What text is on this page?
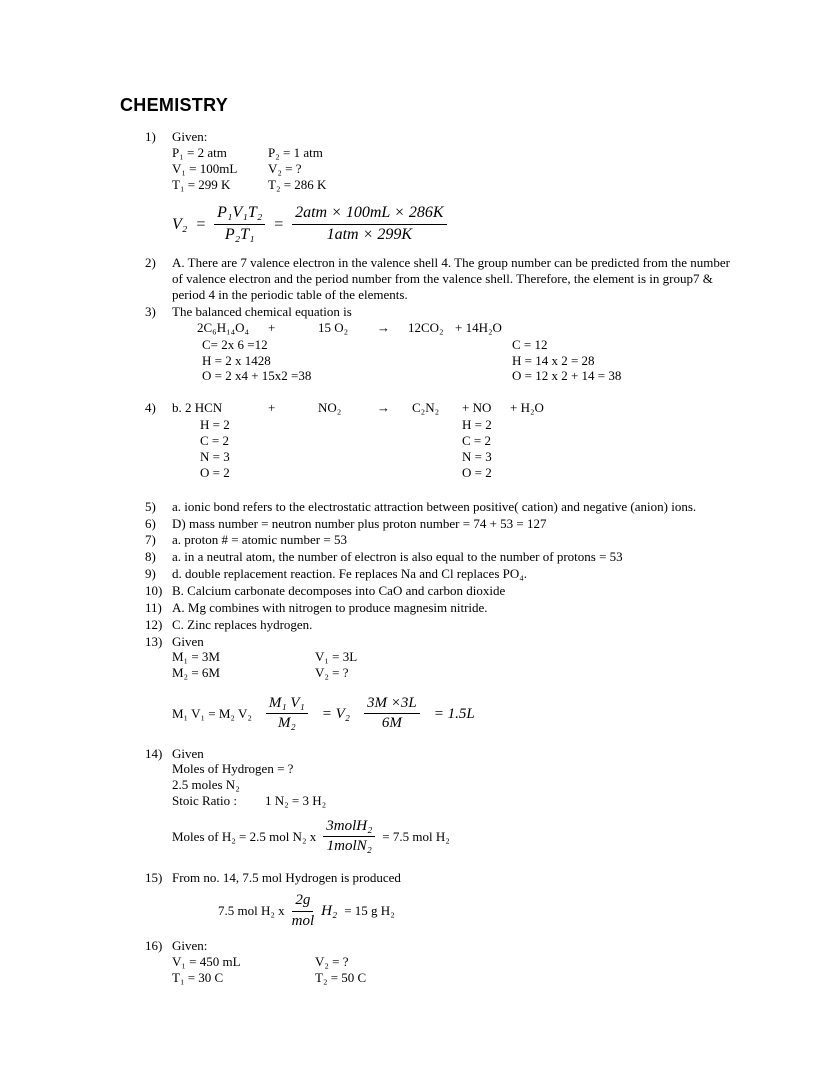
CHEMISTRY
1)	Given:
P₁ = 2 atm	P₂ = 1 atm
V₁ = 100mL	V₂ = ?
T₁ = 299 K	T₂ = 286 K
$V_2 = \frac{\text{P₁V₁T₂}}{\text{P₂T₁}} = \frac{\text{2atm × 100mL × 286K}}{\text{1atm × 299K}}$
2)	A. There are 7 valence electron in the valence shell 4. The group number can be predicted from the number of valence electron and the period number from the valence shell. Therefore, the element is in group7 & period 4 in the periodic table of the elements.
3)	The balanced chemical equation is
2C₆H₁₄O₄ +	15 O₂ → 12CO₂ + 14H₂O
C= 2x 6 =12	C = 12
H = 2 x 1428	H = 14 x 2 = 28
O = 2 x4 + 15x2 =38	O = 12 x 2 + 14 = 38
4)	b. 2 HCN	+	NO₂	→ C₂N₂ + NO + H₂O
H = 2	H = 2
C = 2	C = 2
N = 3	N = 3
O = 2	O = 2
5)	a. ionic bond refers to the electrostatic attraction between positive( cation) and negative (anion) ions.
6)	D) mass number = neutron number plus proton number = 74 + 53 = 127
7)	a. proton # = atomic number = 53
8)	a. in a neutral atom, the number of electron is also equal to the number of protons = 53
9)	d. double replacement reaction. Fe replaces Na and Cl replaces PO₄.
10) B. Calcium carbonate decomposes into CaO and carbon dioxide
11) A. Mg combines with nitrogen to produce magnesim nitride.
12) C. Zinc replaces hydrogen.
13) Given
M₁ = 3M	V₁ = 3L
M₂ = 6M	V₂ = ?
M₁ V₁ = M₂ $V_2 \frac{\text{M₁ V₁}}{\text{M₂}} = V_2 \frac{3M \times 3L}{6M} = 1.5L$
14) Given
Moles of Hydrogen = ?
2.5 moles N₂
Stoic Ratio :	1 N₂ = 3 H₂
Moles of H₂ = 2.5 mol N₂ x $\frac{\text{3molH₂}}{\text{1molN₂}} = 7.5$ mol H₂
15) From no. 14, 7.5 mol Hydrogen is produced
7.5 mol H₂ x $\frac{2g}{\text{mol}} H_2 = 15$ g H₂
16) Given:
V₁ = 450 mL	V₂ = ?
T₁ = 30 C	T₂ = 50 C
